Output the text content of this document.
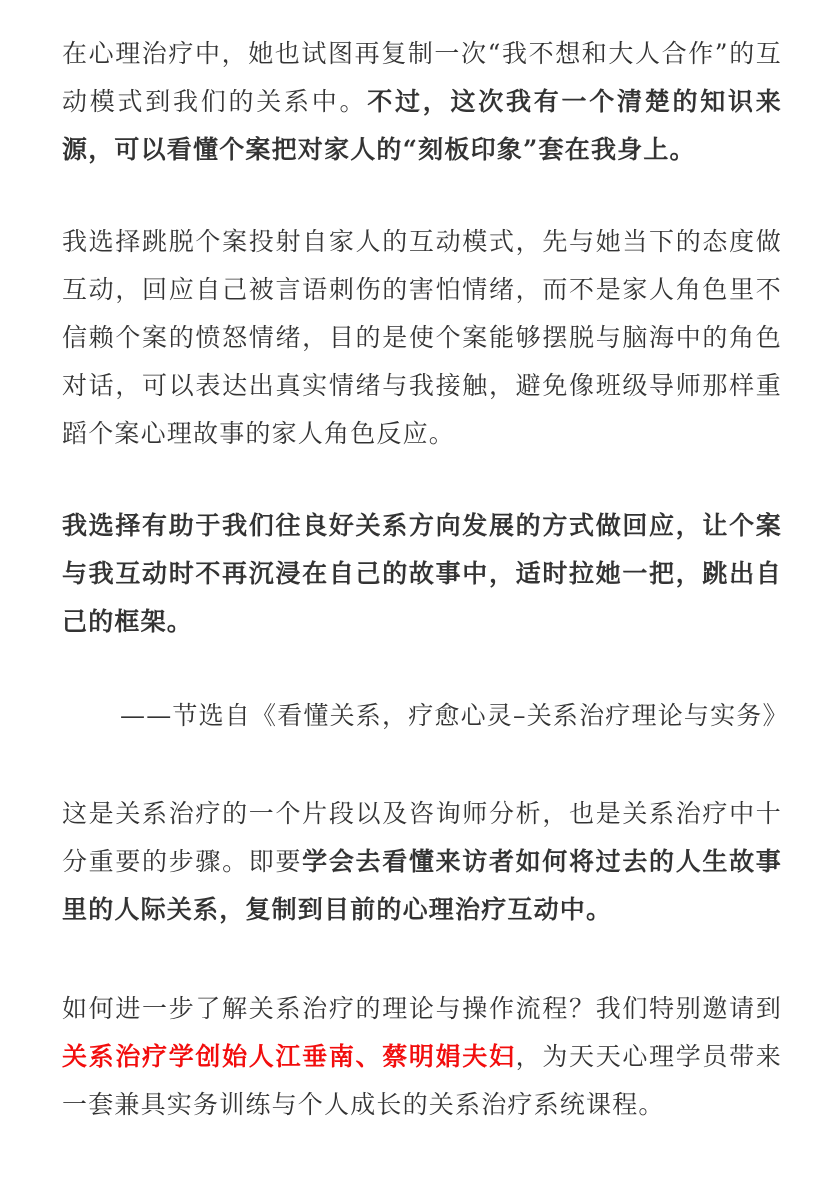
在心理治疗中，她也试图再复制一次“我不想和大人合作”的互动模式到我们的关系中。不过，这次我有一个清楚的知识来源，可以看懂个案把对家人的“刻板印象”套在我身上。

我选择跳脱个案投射自家人的互动模式，先与她当下的态度做互动，回应自己被言语刺伤的害怕情绪，而不是家人角色里不信赖个案的愤怒情绪，目的是使个案能够摆脱与脑海中的角色对话，可以表达出真实情绪与我接触，避免像班级导师那样重蹈个案心理故事的家人角色反应。

我选择有助于我们往良好关系方向发展的方式做回应，让个案与我互动时不再沉浸在自己的故事中，适时拉她一把，跳出自己的框架。

——节选自《看懂关系，疗愈心灵–关系治疗理论与实务》

这是关系治疗的一个片段以及咨询师分析，也是关系治疗中十分重要的步骤。即要学会去看懂来访者如何将过去的人生故事里的人际关系，复制到目前的心理治疗互动中。

如何进一步了解关系治疗的理论与操作流程？我们特别邀请到关系治疗学创始人江垂南、蔡明娟夫妇，为天天心理学员带来一套兼具实务训练与个人成长的关系治疗系统课程。
